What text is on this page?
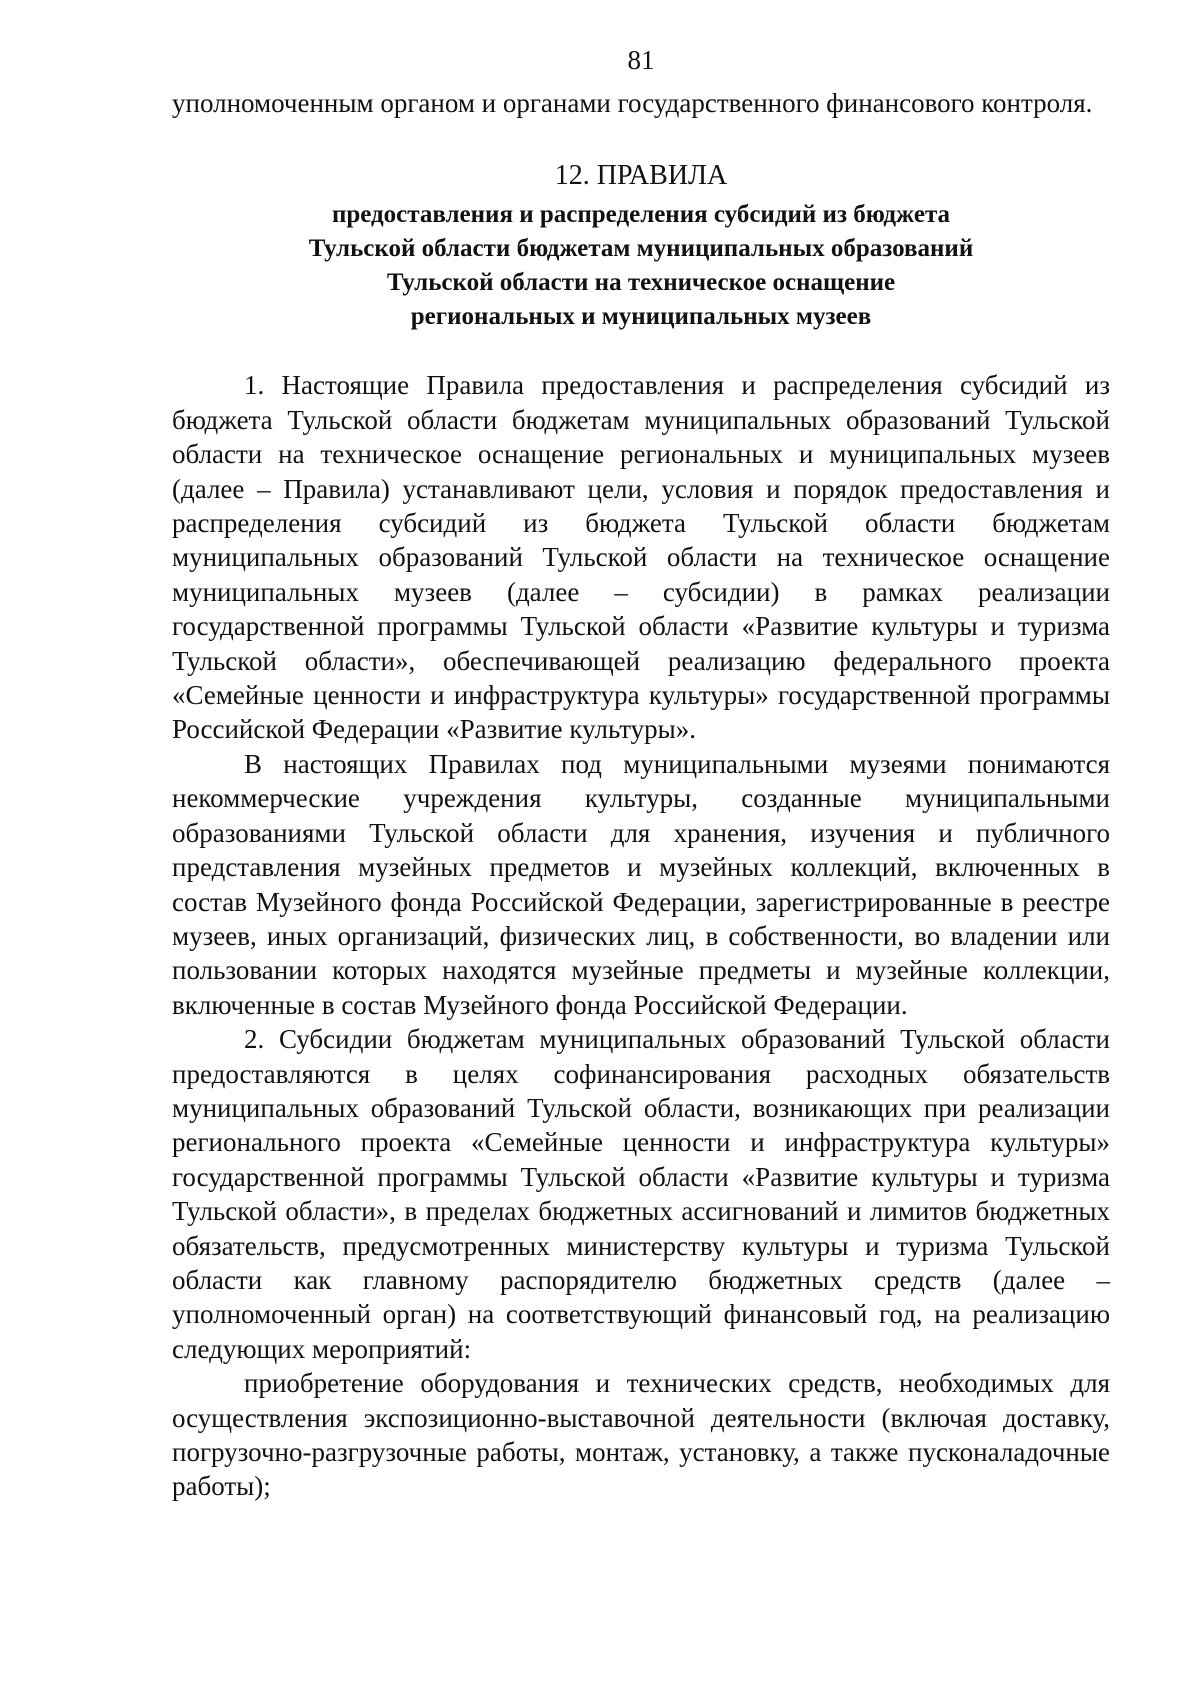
81

уполномоченным органом и органами государственного финансового контроля.

12. ПРАВИЛА
предоставления и распределения субсидий из бюджета
Тульской области бюджетам муниципальных образований
Тульской области на техническое оснащение
региональных и муниципальных музеев

1. Настоящие Правила предоставления и распределения субсидий из бюджета Тульской области бюджетам муниципальных образований Тульской области на техническое оснащение региональных и муниципальных музеев (далее – Правила) устанавливают цели, условия и порядок предоставления и распределения субсидий из бюджета Тульской области бюджетам муниципальных образований Тульской области на техническое оснащение муниципальных музеев (далее – субсидии) в рамках реализации государственной программы Тульской области «Развитие культуры и туризма Тульской области», обеспечивающей реализацию федерального проекта «Семейные ценности и инфраструктура культуры» государственной программы Российской Федерации «Развитие культуры».

В настоящих Правилах под муниципальными музеями понимаются некоммерческие учреждения культуры, созданные муниципальными образованиями Тульской области для хранения, изучения и публичного представления музейных предметов и музейных коллекций, включенных в состав Музейного фонда Российской Федерации, зарегистрированные в реестре музеев, иных организаций, физических лиц, в собственности, во владении или пользовании которых находятся музейные предметы и музейные коллекции, включенные в состав Музейного фонда Российской Федерации.

2. Субсидии бюджетам муниципальных образований Тульской области предоставляются в целях софинансирования расходных обязательств муниципальных образований Тульской области, возникающих при реализации регионального проекта «Семейные ценности и инфраструктура культуры» государственной программы Тульской области «Развитие культуры и туризма Тульской области», в пределах бюджетных ассигнований и лимитов бюджетных обязательств, предусмотренных министерству культуры и туризма Тульской области как главному распорядителю бюджетных средств (далее – уполномоченный орган) на соответствующий финансовый год, на реализацию следующих мероприятий:

приобретение оборудования и технических средств, необходимых для осуществления экспозиционно-выставочной деятельности (включая доставку, погрузочно-разгрузочные работы, монтаж, установку, а также пусконаладочные работы);
